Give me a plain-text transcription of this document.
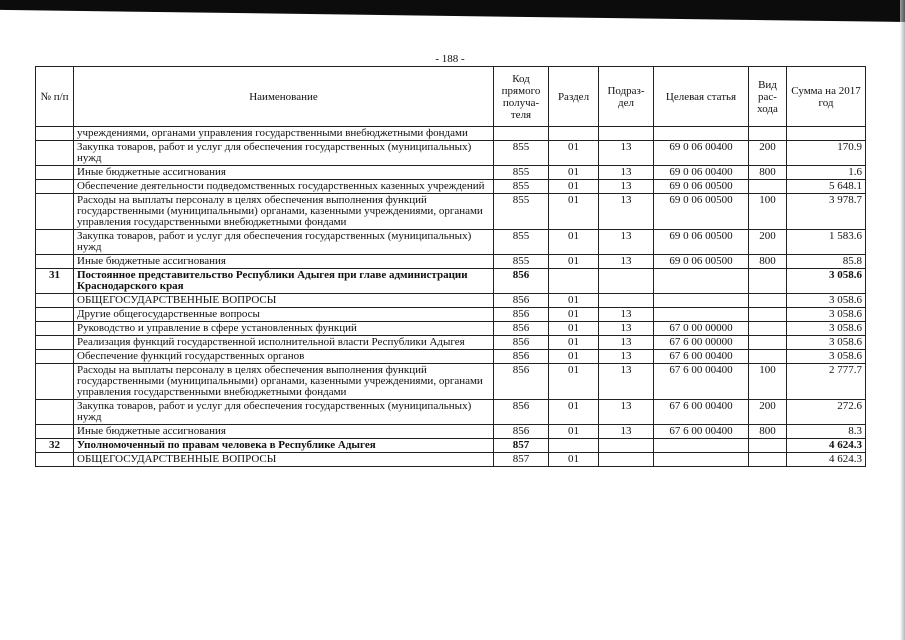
- 188 -
№ п/п	Наименование	Код прямого получа-теля	Раздел	Подраз-дел	Целевая статья	Вид рас-хода	Сумма на 2017 год
	учреждениями, органами управления государственными внебюджетными фондами						
	Закупка товаров, работ и услуг для обеспечения государственных (муниципальных) нужд	855	01	13	69 0 06 00400	200	170.9
	Иные бюджетные ассигнования	855	01	13	69 0 06 00400	800	1.6
	Обеспечение деятельности подведомственных государственных казенных учреждений	855	01	13	69 0 06 00500		5 648.1
	Расходы на выплаты персоналу в целях обеспечения выполнения функций государственными (муниципальными) органами, казенными учреждениями, органами управления государственными внебюджетными фондами	855	01	13	69 0 06 00500	100	3 978.7
	Закупка товаров, работ и услуг для обеспечения государственных (муниципальных) нужд	855	01	13	69 0 06 00500	200	1 583.6
	Иные бюджетные ассигнования	855	01	13	69 0 06 00500	800	85.8
31	Постоянное представительство Республики Адыгея при главе администрации Краснодарского края	856					3 058.6
	ОБЩЕГОСУДАРСТВЕННЫЕ ВОПРОСЫ	856	01				3 058.6
	Другие общегосударственные вопросы	856	01	13			3 058.6
	Руководство и управление в сфере установленных функций	856	01	13	67 0 00 00000		3 058.6
	Реализация функций государственной исполнительной власти Республики Адыгея	856	01	13	67 6 00 00000		3 058.6
	Обеспечение функций государственных органов	856	01	13	67 6 00 00400		3 058.6
	Расходы на выплаты персоналу в целях обеспечения выполнения функций государственными (муниципальными) органами, казенными учреждениями, органами управления государственными внебюджетными фондами	856	01	13	67 6 00 00400	100	2 777.7
	Закупка товаров, работ и услуг для обеспечения государственных (муниципальных) нужд	856	01	13	67 6 00 00400	200	272.6
	Иные бюджетные ассигнования	856	01	13	67 6 00 00400	800	8.3
32	Уполномоченный по правам человека в Республике Адыгея	857					4 624.3
	ОБЩЕГОСУДАРСТВЕННЫЕ ВОПРОСЫ	857	01				4 624.3
